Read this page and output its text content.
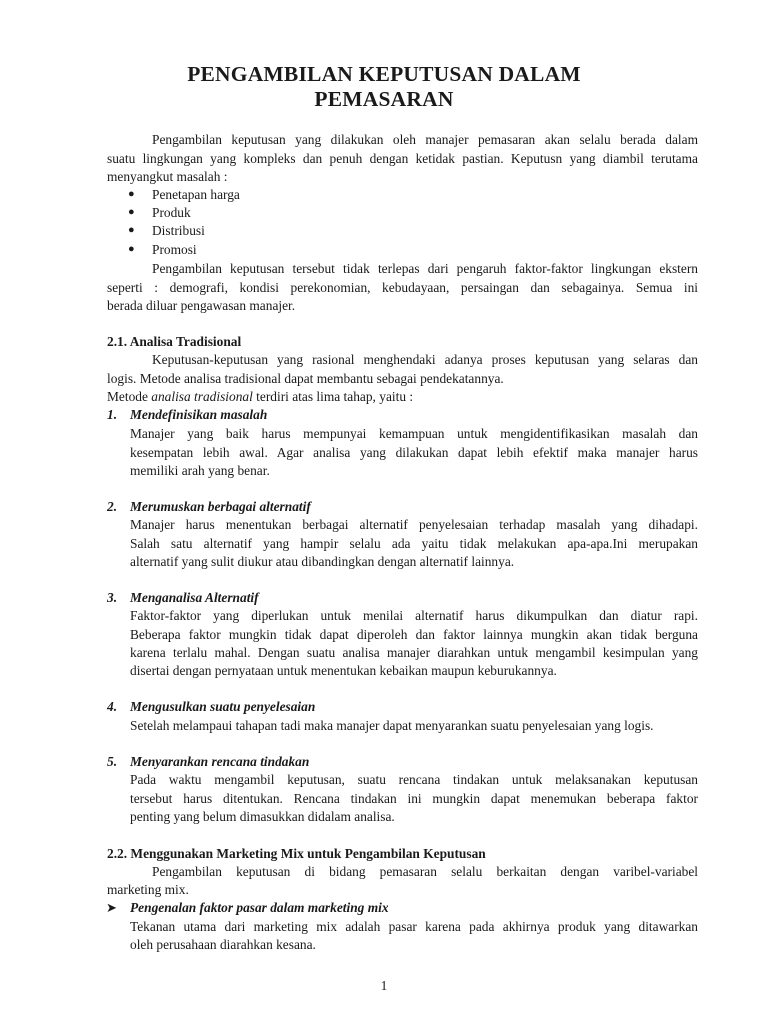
PENGAMBILAN KEPUTUSAN DALAM
PEMASARAN
Pengambilan keputusan yang dilakukan oleh manajer pemasaran akan selalu berada dalam
suatu lingkungan yang kompleks dan penuh dengan ketidak pastian. Keputusn yang diambil terutama
menyangkut masalah :
● Penetapan harga
● Produk
● Distribusi
● Promosi
Pengambilan keputusan tersebut tidak terlepas dari pengaruh faktor-faktor lingkungan ekstern
seperti : demografi, kondisi perekonomian, kebudayaan, persaingan dan sebagainya. Semua ini
berada diluar pengawasan manajer.
2.1. Analisa Tradisional
Keputusan-keputusan yang rasional menghendaki adanya proses keputusan yang selaras dan
logis. Metode analisa tradisional dapat membantu sebagai pendekatannya.
Metode analisa tradisional terdiri atas lima tahap, yaitu :
1. Mendefinisikan masalah
Manajer yang baik harus mempunyai kemampuan untuk mengidentifikasikan masalah dan
kesempatan lebih awal. Agar analisa yang dilakukan dapat lebih efektif maka manajer harus
memiliki arah yang benar.
2. Merumuskan berbagai alternatif
Manajer harus menentukan berbagai alternatif penyelesaian terhadap masalah yang dihadapi.
Salah satu alternatif yang hampir selalu ada yaitu tidak melakukan apa-apa.Ini merupakan
alternatif yang sulit diukur atau dibandingkan dengan alternatif lainnya.
3. Menganalisa Alternatif
Faktor-faktor yang diperlukan untuk menilai alternatif harus dikumpulkan dan diatur rapi.
Beberapa faktor mungkin tidak dapat diperoleh dan faktor lainnya mungkin akan tidak berguna
karena terlalu mahal. Dengan suatu analisa manajer diarahkan untuk mengambil kesimpulan yang
disertai dengan pernyataan untuk menentukan kebaikan maupun keburukannya.
4. Mengusulkan suatu penyelesaian
Setelah melampaui tahapan tadi maka manajer dapat menyarankan suatu penyelesaian yang logis.
5. Menyarankan rencana tindakan
Pada waktu mengambil keputusan, suatu rencana tindakan untuk melaksanakan keputusan
tersebut harus ditentukan. Rencana tindakan ini mungkin dapat menemukan beberapa faktor
penting yang belum dimasukkan didalam analisa.
2.2. Menggunakan Marketing Mix untuk Pengambilan Keputusan
Pengambilan keputusan di bidang pemasaran selalu berkaitan dengan varibel-variabel
marketing mix.
➤ Pengenalan faktor pasar dalam marketing mix
Tekanan utama dari marketing mix adalah pasar karena pada akhirnya produk yang ditawarkan
oleh perusahaan diarahkan kesana.
1
